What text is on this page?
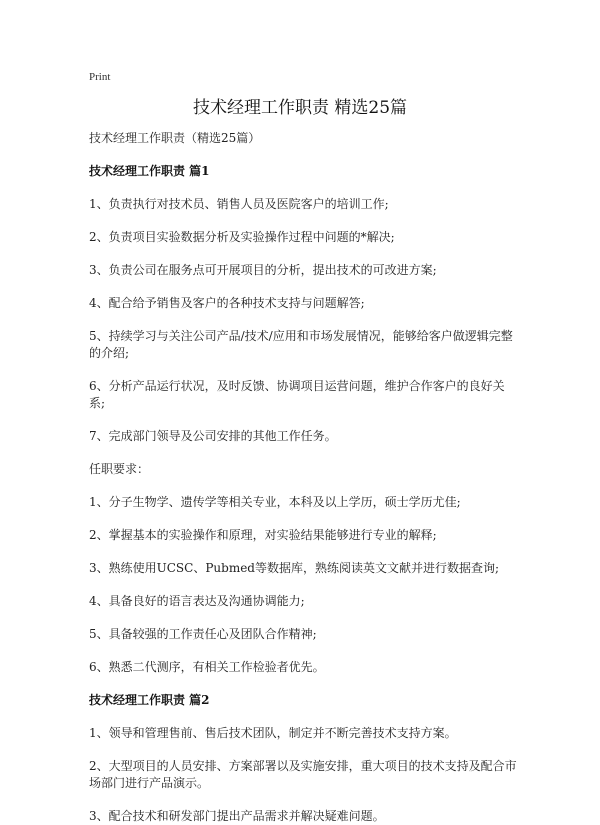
Print
技术经理工作职责 精选25篇

技术经理工作职责（精选25篇）

技术经理工作职责 篇1

1、负责执行对技术员、销售人员及医院客户的培训工作;

2、负责项目实验数据分析及实验操作过程中问题的*解决;

3、负责公司在服务点可开展项目的分析，提出技术的可改进方案;

4、配合给予销售及客户的各种技术支持与问题解答;

5、持续学习与关注公司产品/技术/应用和市场发展情况，能够给客户做逻辑完整的介绍;

6、分析产品运行状况，及时反馈、协调项目运营问题，维护合作客户的良好关系;

7、完成部门领导及公司安排的其他工作任务。

任职要求：

1、分子生物学、遗传学等相关专业，本科及以上学历，硕士学历尤佳;

2、掌握基本的实验操作和原理，对实验结果能够进行专业的解释;

3、熟练使用UCSC、Pubmed等数据库，熟练阅读英文文献并进行数据查询;

4、具备良好的语言表达及沟通协调能力;

5、具备较强的工作责任心及团队合作精神;

6、熟悉二代测序，有相关工作检验者优先。

技术经理工作职责 篇2

1、领导和管理售前、售后技术团队，制定并不断完善技术支持方案。

2、大型项目的人员安排、方案部署以及实施安排，重大项目的技术支持及配合市场部门进行产品演示。

3、配合技术和研发部门提出产品需求并解决疑难问题。
